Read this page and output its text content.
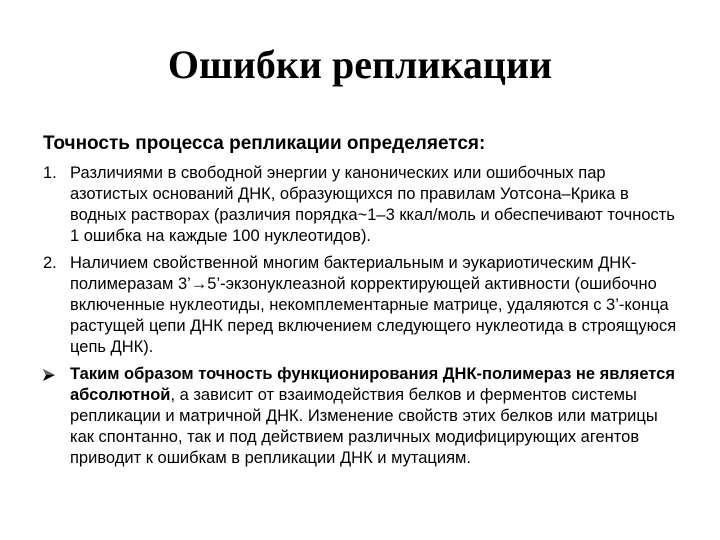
Ошибки репликации
Точность процесса репликации определяется:
1. Различиями в свободной энергии у канонических или ошибочных пар азотистых оснований ДНК, образующихся по правилам Уотсона–Крика в водных растворах (различия порядка~1–3 ккал/моль и обеспечивают точность 1 ошибка на каждые 100 нуклеотидов).
2. Наличием свойственной многим бактериальным и эукариотическим ДНК-полимеразам 3’→5’-экзонуклеазной корректирующей активности (ошибочно включенные нуклеотиды, некомплементарные матрице, удаляются с 3’-конца растущей цепи ДНК перед включением следующего нуклеотида в строящуюся цепь ДНК).
Таким образом точность функционирования ДНК-полимераз не является абсолютной, а зависит от взаимодействия белков и ферментов системы репликации и матричной ДНК. Изменение свойств этих белков или матрицы как спонтанно, так и под действием различных модифицирующих агентов приводит к ошибкам в репликации ДНК и мутациям.
